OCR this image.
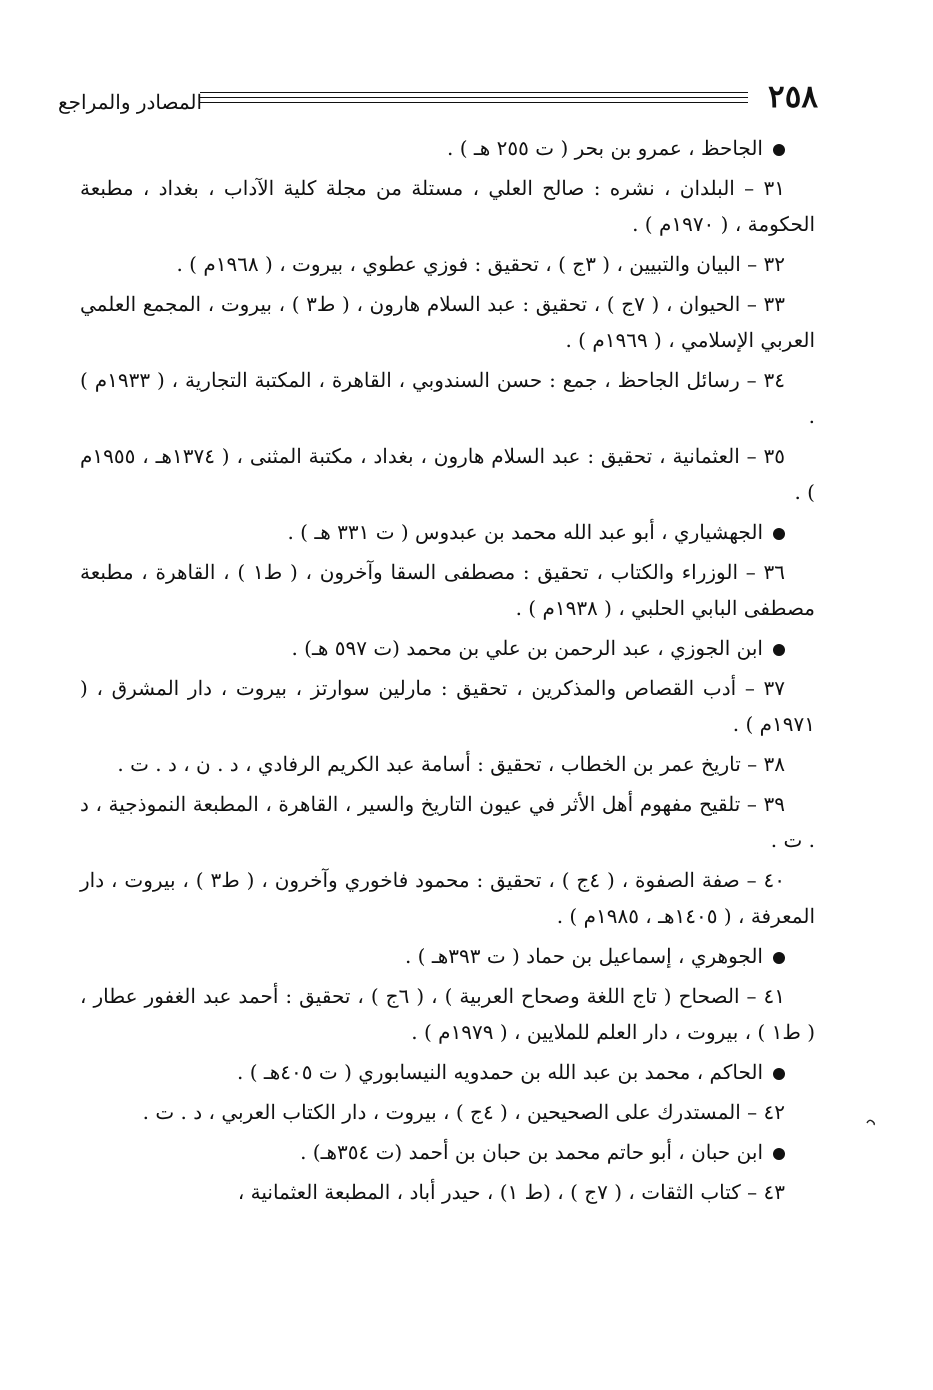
٢٥٨
المصادر والمراجع

الجاحظ ، عمرو بن بحر ( ت ٢٥٥ هـ ) .

٣١ – البلدان ، نشره : صالح العلي ، مستلة من مجلة كلية الآداب ، بغداد ، مطبعة الحكومة ، ( ١٩٧٠م ) .

٣٢ – البيان والتبيين ، ( ٣ج ) ، تحقيق : فوزي عطوي ، بيروت ، ( ١٩٦٨م ) .

٣٣ – الحيوان ، ( ٧ج ) ، تحقيق : عبد السلام هارون ، ( ط٣ ) ، بيروت ، المجمع العلمي العربي الإسلامي ، ( ١٩٦٩م ) .

٣٤ – رسائل الجاحظ ، جمع : حسن السندوبي ، القاهرة ، المكتبة التجارية ، ( ١٩٣٣م ) .

٣٥ – العثمانية ، تحقيق : عبد السلام هارون ، بغداد ، مكتبة المثنى ، ( ١٣٧٤هـ ، ١٩٥٥م ) .

الجهشياري ، أبو عبد الله محمد بن عبدوس ( ت ٣٣١ هـ ) .

٣٦ – الوزراء والكتاب ، تحقيق : مصطفى السقا وآخرون ، ( ط١ ) ، القاهرة ، مطبعة مصطفى البابي الحلبي ، ( ١٩٣٨م ) .

ابن الجوزي ، عبد الرحمن بن علي بن محمد (ت ٥٩٧ هـ) .

٣٧ – أدب القصاص والمذكرين ، تحقيق : مارلين سوارتز ، بيروت ، دار المشرق ، ( ١٩٧١م ) .

٣٨ – تاريخ عمر بن الخطاب ، تحقيق : أسامة عبد الكريم الرفادي ، د . ن ، د . ت .

٣٩ – تلقيح مفهوم أهل الأثر في عيون التاريخ والسير ، القاهرة ، المطبعة النموذجية ، د . ت .

٤٠ – صفة الصفوة ، ( ٤ج ) ، تحقيق : محمود فاخوري وآخرون ، ( ط٣ ) ، بيروت ، دار المعرفة ، ( ١٤٠٥هـ ، ١٩٨٥م ) .

الجوهري ، إسماعيل بن حماد ( ت ٣٩٣هـ ) .

٤١ – الصحاح ( تاج اللغة وصحاح العربية ) ، ( ٦ج ) ، تحقيق : أحمد عبد الغفور عطار ، ( ط١ ) ، بيروت ، دار العلم للملايين ، ( ١٩٧٩م ) .

الحاكم ، محمد بن عبد الله بن حمدويه النيسابوري ( ت ٤٠٥هـ ) .

٤٢ – المستدرك على الصحيحين ، ( ٤ج ) ، بيروت ، دار الكتاب العربي ، د . ت .

ابن حبان ، أبو حاتم محمد بن حبان بن أحمد (ت ٣٥٤هـ) .

٤٣ – كتاب الثقات ، ( ٧ج ) ، (ط ١) ، حيدر أباد ، المطبعة العثمانية ،
